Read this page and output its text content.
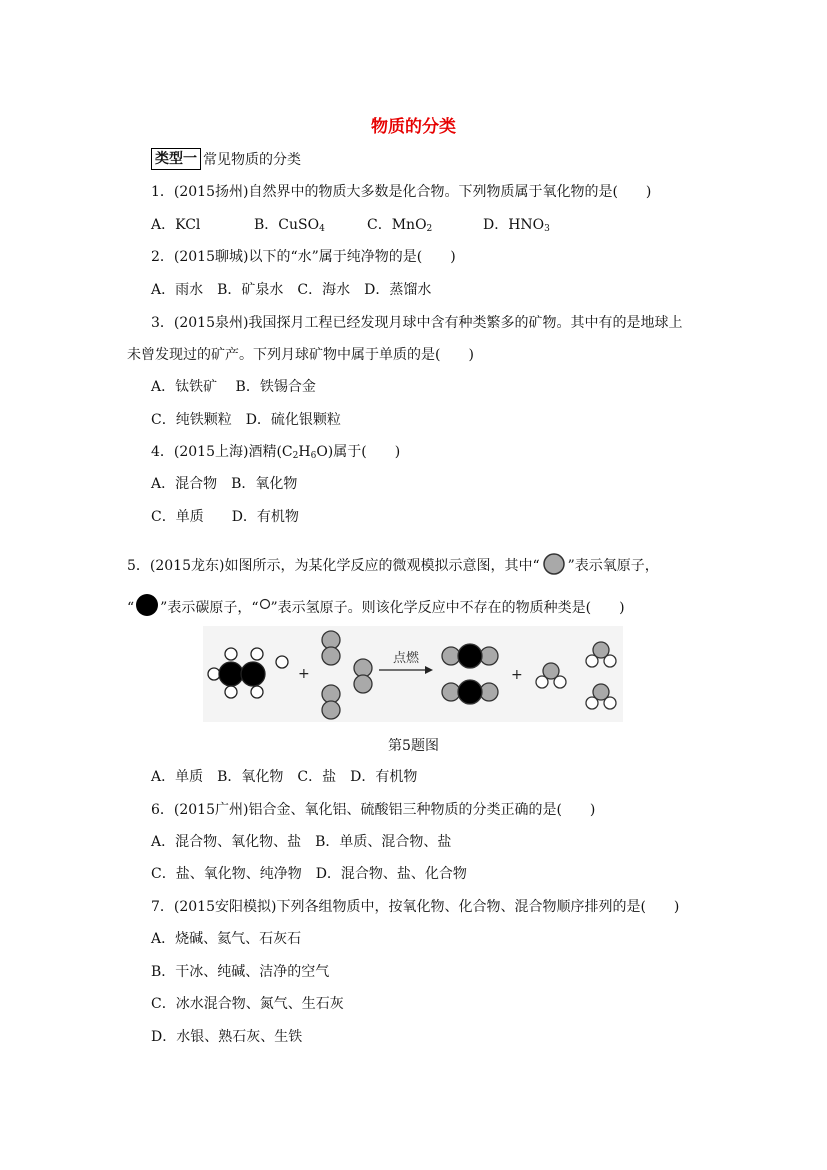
物质的分类
类型一 常见物质的分类
1．(2015扬州)自然界中的物质大多数是化合物。下列物质属于氧化物的是(　　)
A．KCl	B．CuSO$_4$	C．MnO$_2$	D．$HNO_3$
2．(2015聊城)以下的“水”属于纯净物的是(　　)
A．雨水　B．矿泉水　C．海水　D．蒸馏水
3．(2015泉州)我国探月工程已经发现月球中含有种类繁多的矿物。其中有的是地球上
未曾发现过的矿产。下列月球矿物中属于单质的是(　　)
A．钛铁矿　 B．铁锡合金
C．纯铁颗粒　D．硫化银颗粒
4．(2015上海)酒精$(C_2H_6O)$属于(　　)
A．混合物　B．氧化物
C．单质　　D．有机物
5．(2015龙东)如图所示，为某化学反应的微观模拟示意图，其中“ ”表示氧原子，
“ ”表示碳原子，“ ”表示氢原子。则该化学反应中不存在的物质种类是(　　)
+
点燃
+
第5题图
A．单质　B．氧化物　C．盐　D．有机物
6．(2015广州)铝合金、氧化铝、硫酸铝三种物质的分类正确的是(　　)
A．混合物、氧化物、盐　B．单质、混合物、盐
C．盐、氧化物、纯净物　D．混合物、盐、化合物
7．(2015安阳模拟)下列各组物质中，按氧化物、化合物、混合物顺序排列的是(　　)
A．烧碱、氦气、石灰石
B．干冰、纯碱、洁净的空气
C．冰水混合物、氮气、生石灰
D．水银、熟石灰、生铁
